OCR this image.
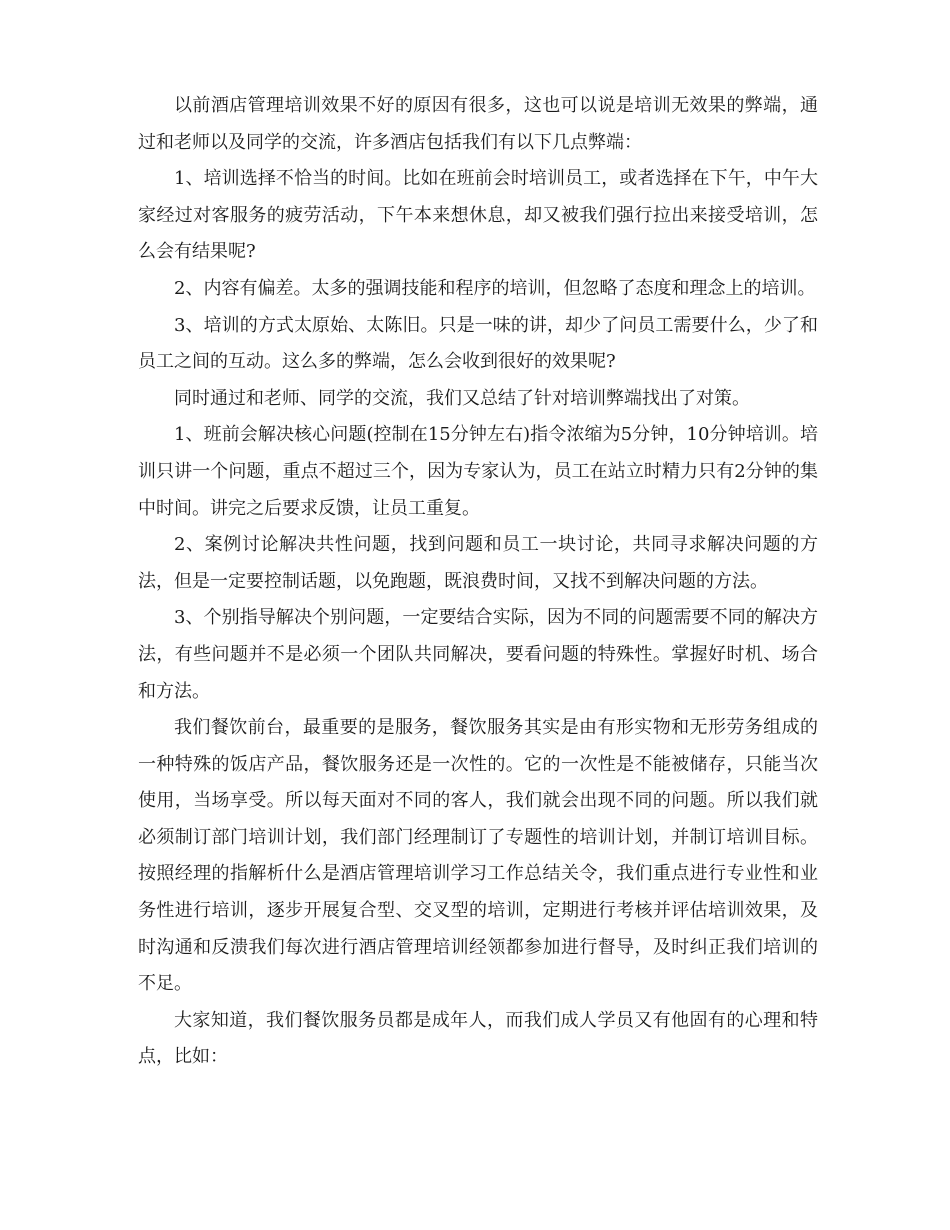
以前酒店管理培训效果不好的原因有很多，这也可以说是培训无效果的弊端，通过和老师以及同学的交流，许多酒店包括我们有以下几点弊端：

1、培训选择不恰当的时间。比如在班前会时培训员工，或者选择在下午，中午大家经过对客服务的疲劳活动，下午本来想休息，却又被我们强行拉出来接受培训，怎么会有结果呢?

2、内容有偏差。太多的强调技能和程序的培训，但忽略了态度和理念上的培训。

3、培训的方式太原始、太陈旧。只是一味的讲，却少了问员工需要什么，少了和员工之间的互动。这么多的弊端，怎么会收到很好的效果呢?

同时通过和老师、同学的交流，我们又总结了针对培训弊端找出了对策。

1、班前会解决核心问题(控制在15分钟左右)指令浓缩为5分钟，10分钟培训。培训只讲一个问题，重点不超过三个，因为专家认为，员工在站立时精力只有2分钟的集中时间。讲完之后要求反馈，让员工重复。

2、案例讨论解决共性问题，找到问题和员工一块讨论，共同寻求解决问题的方法，但是一定要控制话题，以免跑题，既浪费时间，又找不到解决问题的方法。

3、个别指导解决个别问题，一定要结合实际，因为不同的问题需要不同的解决方法，有些问题并不是必须一个团队共同解决，要看问题的特殊性。掌握好时机、场合和方法。

我们餐饮前台，最重要的是服务，餐饮服务其实是由有形实物和无形劳务组成的一种特殊的饭店产品，餐饮服务还是一次性的。它的一次性是不能被储存，只能当次使用，当场享受。所以每天面对不同的客人，我们就会出现不同的问题。所以我们就必须制订部门培训计划，我们部门经理制订了专题性的培训计划，并制订培训目标。按照经理的指解析什么是酒店管理培训学习工作总结关令，我们重点进行专业性和业务性进行培训，逐步开展复合型、交叉型的培训，定期进行考核并评估培训效果，及时沟通和反溃我们每次进行酒店管理培训经领都参加进行督导，及时纠正我们培训的不足。

大家知道，我们餐饮服务员都是成年人，而我们成人学员又有他固有的心理和特点，比如：
